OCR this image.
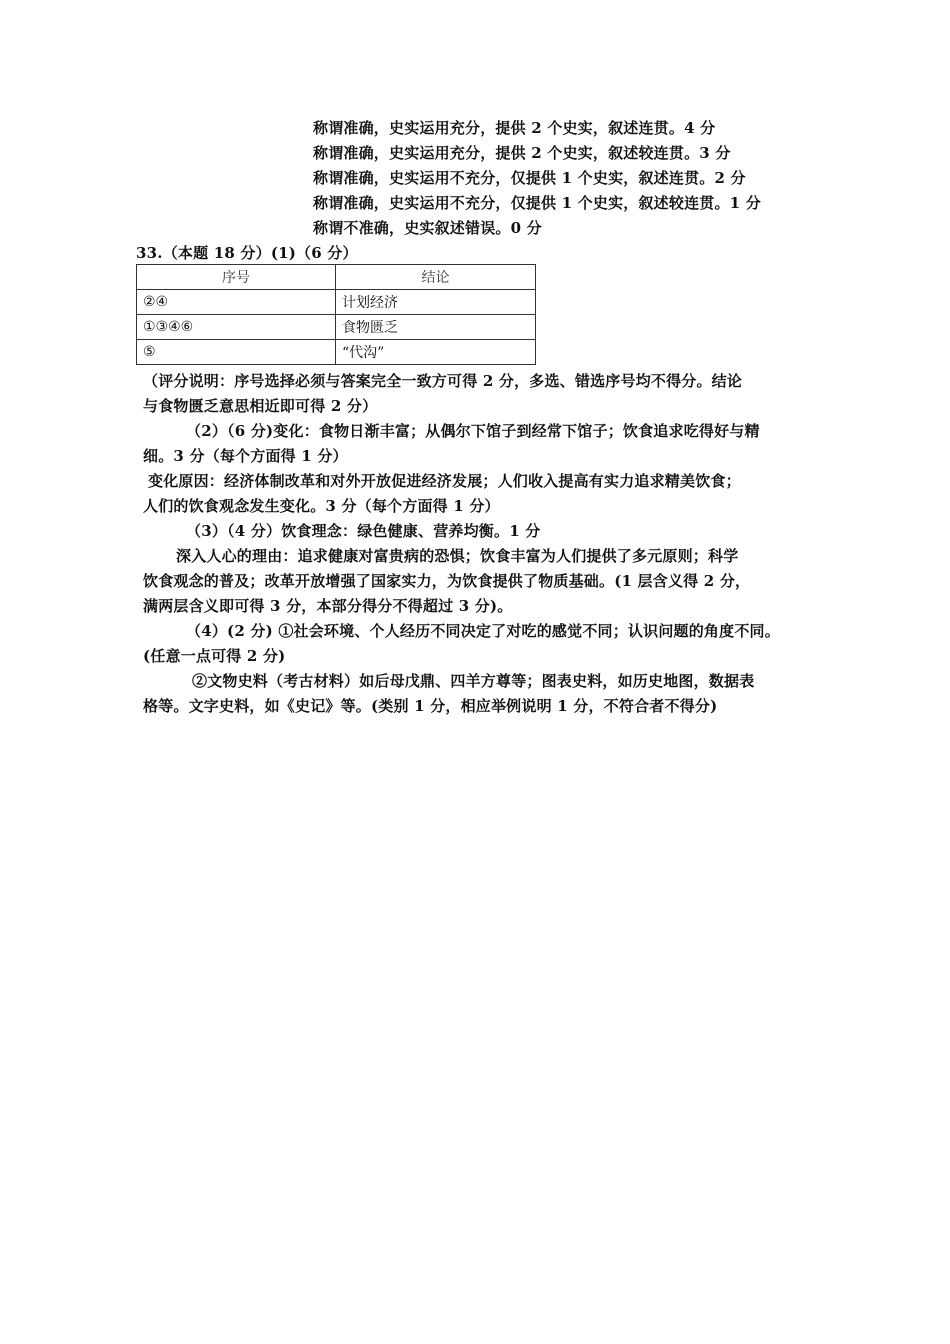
称谓准确，史实运用充分，提供 2 个史实，叙述连贯。4 分
称谓准确，史实运用充分，提供 2 个史实，叙述较连贯。3 分
称谓准确，史实运用不充分，仅提供 1 个史实，叙述连贯。2 分
称谓准确，史实运用不充分，仅提供 1 个史实，叙述较连贯。1 分
称谓不准确，史实叙述错误。0 分
33.（本题 18 分）(1)（6 分）
序号	结论
②④	计划经济
①③④⑥	食物匮乏
⑤	“代沟”
（评分说明：序号选择必须与答案完全一致方可得 2 分，多选、错选序号均不得分。结论
与食物匮乏意思相近即可得 2 分）
（2）（6 分)变化：食物日渐丰富；从偶尔下馆子到经常下馆子；饮食追求吃得好与精
细。3 分（每个方面得 1 分）
变化原因：经济体制改革和对外开放促进经济发展；人们收入提高有实力追求精美饮食；
人们的饮食观念发生变化。3 分（每个方面得 1 分）
（3）（4 分）饮食理念：绿色健康、营养均衡。1 分
深入人心的理由：追求健康对富贵病的恐惧；饮食丰富为人们提供了多元原则；科学
饮食观念的普及；改革开放增强了国家实力，为饮食提供了物质基础。(1 层含义得 2 分，
满两层含义即可得 3 分，本部分得分不得超过 3 分)。
（4）(2 分) ①社会环境、个人经历不同决定了对吃的感觉不同；认识问题的角度不同。
(任意一点可得 2 分)
②文物史料（考古材料）如后母戊鼎、四羊方尊等；图表史料，如历史地图，数据表
格等。文字史料，如《史记》等。(类别 1 分，相应举例说明 1 分，不符合者不得分)
